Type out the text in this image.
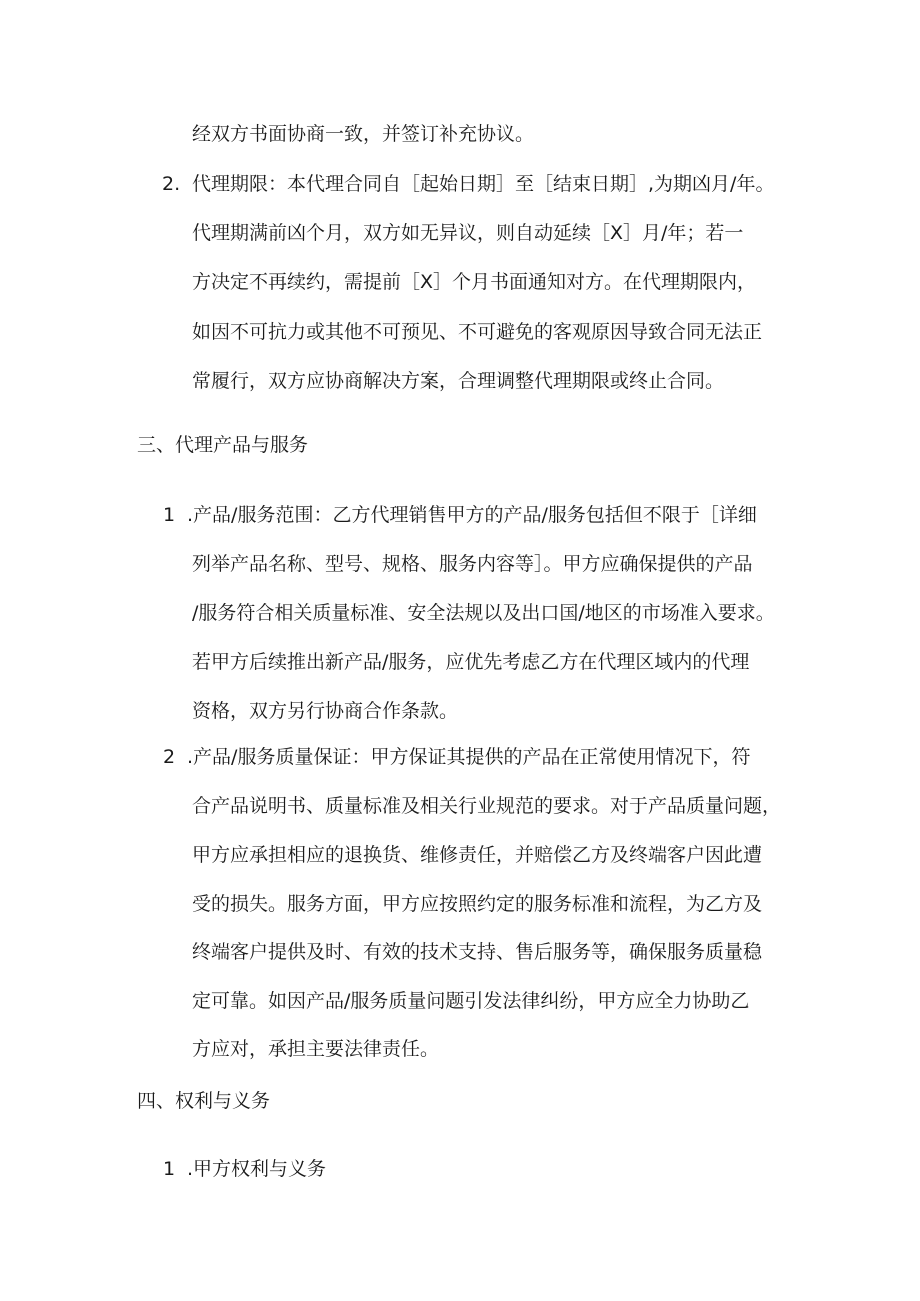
经双方书面协商一致，并签订补充协议。
2. 代理期限：本代理合同自［起始日期］至［结束日期］,为期凶月/年。
代理期满前凶个月，双方如无异议，则自动延续［X］月/年；若一
方决定不再续约，需提前［X］个月书面通知对方。在代理期限内，
如因不可抗力或其他不可预见、不可避免的客观原因导致合同无法正
常履行，双方应协商解决方案，合理调整代理期限或终止合同。
三、代理产品与服务
1 .产品/服务范围：乙方代理销售甲方的产品/服务包括但不限于［详细
列举产品名称、型号、规格、服务内容等］。甲方应确保提供的产品
/服务符合相关质量标准、安全法规以及出口国/地区的市场准入要求。
若甲方后续推出新产品/服务，应优先考虑乙方在代理区域内的代理
资格，双方另行协商合作条款。
2 .产品/服务质量保证：甲方保证其提供的产品在正常使用情况下，符
合产品说明书、质量标准及相关行业规范的要求。对于产品质量问题，
甲方应承担相应的退换货、维修责任，并赔偿乙方及终端客户因此遭
受的损失。服务方面，甲方应按照约定的服务标准和流程，为乙方及
终端客户提供及时、有效的技术支持、售后服务等，确保服务质量稳
定可靠。如因产品/服务质量问题引发法律纠纷，甲方应全力协助乙
方应对，承担主要法律责任。
四、权利与义务
1 .甲方权利与义务
